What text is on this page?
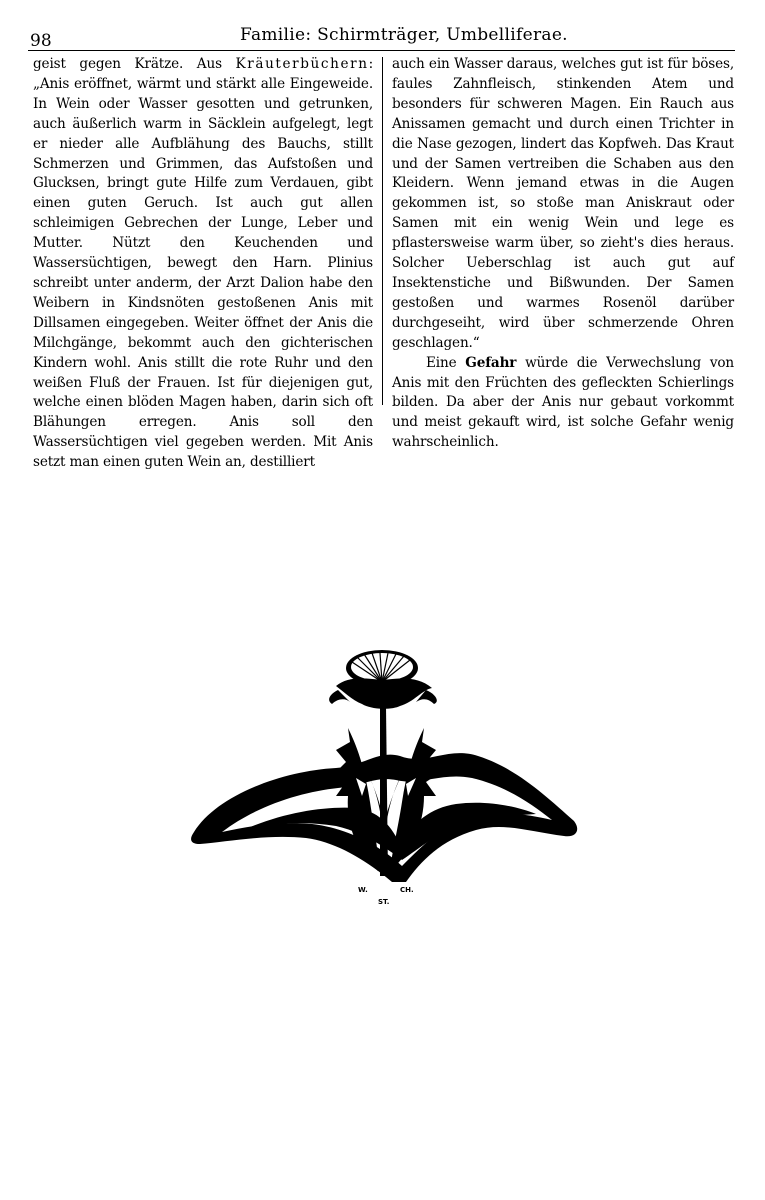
98	Familie: Schirmträger, Umbelliferae.

geist gegen Krätze. Aus Kräuterbüchern: „Anis eröffnet, wärmt und stärkt alle Eingeweide. In Wein oder Wasser gesotten und getrunken, auch äußerlich warm in Säcklein aufgelegt, legt er nieder alle Aufblähung des Bauchs, stillt Schmerzen und Grimmen, das Aufstoßen und Glucksen, bringt gute Hilfe zum Verdauen, gibt einen guten Geruch. Ist auch gut allen schleimigen Gebrechen der Lunge, Leber und Mutter. Nützt den Keuchenden und Wassersüchtigen, bewegt den Harn. Plinius schreibt unter anderm, der Arzt Dalion habe den Weibern in Kindsnöten gestoßenen Anis mit Dillsamen eingegeben. Weiter öffnet der Anis die Milchgänge, bekommt auch den gichterischen Kindern wohl. Anis stillt die rote Ruhr und den weißen Fluß der Frauen. Ist für diejenigen gut, welche einen blöden Magen haben, darin sich oft Blähungen erregen. Anis soll den Wassersüchtigen viel gegeben werden. Mit Anis setzt man einen guten Wein an, destilliert

auch ein Wasser daraus, welches gut ist für böses, faules Zahnfleisch, stinkenden Atem und besonders für schweren Magen. Ein Rauch aus Anissamen gemacht und durch einen Trichter in die Nase gezogen, lindert das Kopfweh. Das Kraut und der Samen vertreiben die Schaben aus den Kleidern. Wenn jemand etwas in die Augen gekommen ist, so stoße man Aniskraut oder Samen mit ein wenig Wein und lege es pflastersweise warm über, so zieht's dies heraus. Solcher Ueberschlag ist auch gut auf Insektenstiche und Bißwunden. Der Samen gestoßen und warmes Rosenöl darüber durchgeseiht, wird über schmerzende Ohren geschlagen.“

Eine Gefahr würde die Verwechslung von Anis mit den Früchten des gefleckten Schierlings bilden. Da aber der Anis nur gebaut vorkommt und meist gekauft wird, ist solche Gefahr wenig wahrscheinlich.

W.
ST.
CH.
